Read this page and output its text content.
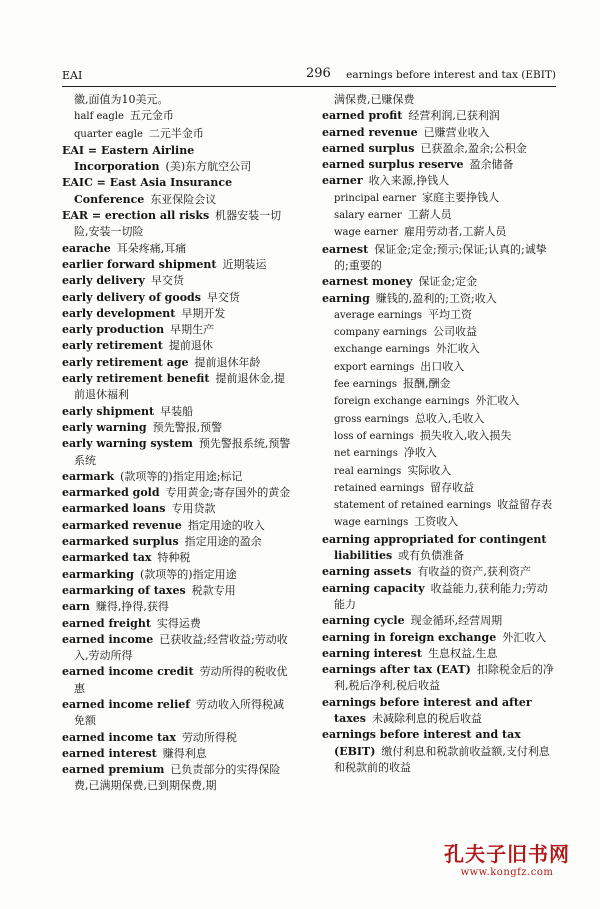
EAI	296 earnings before interest and tax (EBIT)

徽,面值为10美元。

half eagle 五元金币

quarter eagle 二元半金币

EAI = Eastern Airline Incorporation (美)东方航空公司

EAIC = East Asia Insurance Conference 东亚保险会议

EAR = erection all risks 机器安装一切险,安装一切险

earache 耳朵疼痛,耳痛

earlier forward shipment 近期装运

early delivery 早交货

early delivery of goods 早交货

early development 早期开发

early production 早期生产

early retirement 提前退休

early retirement age 提前退休年龄

early retirement benefit 提前退休金,提前退休福利

early shipment 早装船

early warning 预先警报,预警

early warning system 预先警报系统,预警系统

earmark (款项等的)指定用途;标记

earmarked gold 专用黄金;寄存国外的黄金

earmarked loans 专用贷款

earmarked revenue 指定用途的收入

earmarked surplus 指定用途的盈余

earmarked tax 特种税

earmarking (款项等的)指定用途

earmarking of taxes 税款专用

earn 赚得,挣得,获得

earned freight 实得运费

earned income 已获收益;经营收益;劳动收入,劳动所得

earned income credit 劳动所得的税收优惠

earned income relief 劳动收入所得税减免额

earned income tax 劳动所得税

earned interest 赚得利息

earned premium 已负责部分的实得保险费,已满期保费,已到期保费,期

满保费,已赚保费

earned profit 经营利润,已获利润

earned revenue 已赚营业收入

earned surplus 已获盈余,盈余;公积金

earned surplus reserve 盈余储备

earner 收入来源,挣钱人

principal earner 家庭主要挣钱人

salary earner 工薪人员

wage earner 雇用劳动者,工薪人员

earnest 保证金;定金;预示;保证;认真的;诚挚的;重要的

earnest money 保证金;定金

earning 赚钱的,盈利的;工资;收入

average earnings 平均工资

company earnings 公司收益

exchange earnings 外汇收入

export earnings 出口收入

fee earnings 报酬,酬金

foreign exchange earnings 外汇收入

gross earnings 总收入,毛收入

loss of earnings 损失收入,收入损失

net earnings 净收入

real earnings 实际收入

retained earnings 留存收益

statement of retained earnings 收益留存表

wage earnings 工资收入

earning appropriated for contingent liabilities 或有负债准备

earning assets 有收益的资产,获利资产

earning capacity 收益能力,获利能力;劳动能力

earning cycle 现金循环,经营周期

earning in foreign exchange 外汇收入

earning interest 生息权益,生息

earnings after tax (EAT) 扣除税金后的净利,税后净利,税后收益

earnings before interest and after taxes 未减除利息的税后收益

earnings before interest and tax (EBIT) 缴付利息和税款前收益额,支付利息和税款前的收益

孔夫子旧书网
www.kongfz.com
